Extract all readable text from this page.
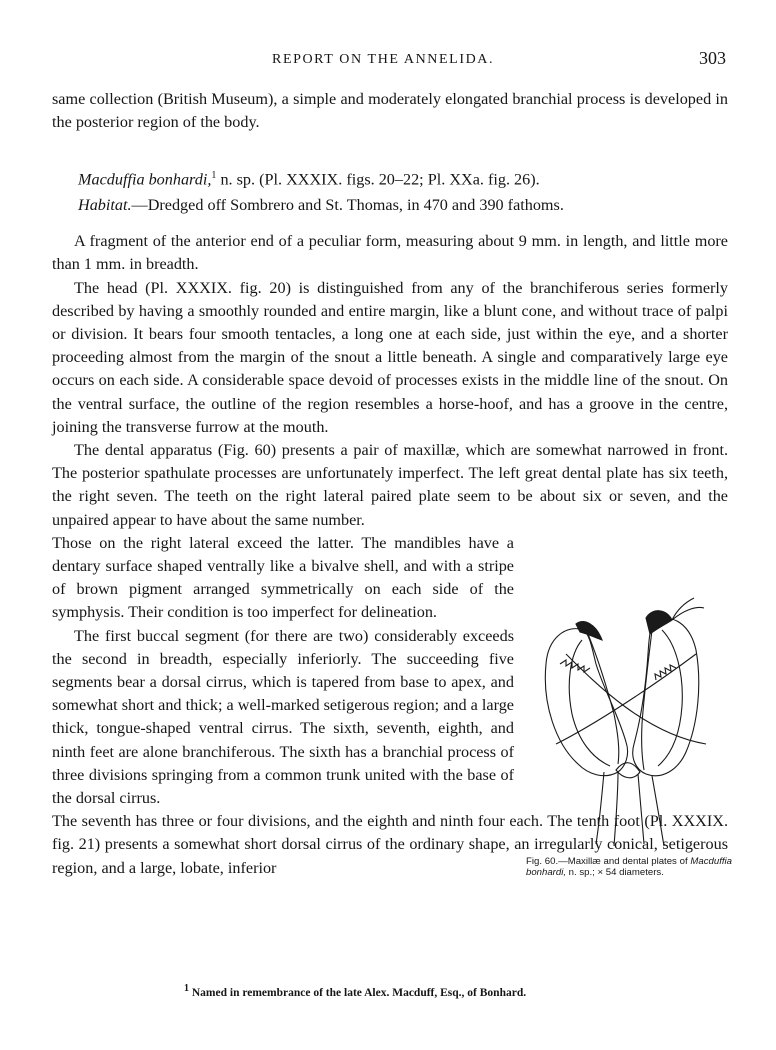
REPORT ON THE ANNELIDA.	303

same collection (British Museum), a simple and moderately elongated branchial process is developed in the posterior region of the body.

Macduffia bonhardi,$^1$ n. sp. (Pl. XXXIX. figs. 20–22; Pl. XXa. fig. 26).

Habitat.—Dredged off Sombrero and St. Thomas, in 470 and 390 fathoms.

A fragment of the anterior end of a peculiar form, measuring about 9 mm. in length, and little more than 1 mm. in breadth.

The head (Pl. XXXIX. fig. 20) is distinguished from any of the branchiferous series formerly described by having a smoothly rounded and entire margin, like a blunt cone, and without trace of palpi or division. It bears four smooth tentacles, a long one at each side, just within the eye, and a shorter proceeding almost from the margin of the snout a little beneath. A single and comparatively large eye occurs on each side. A considerable space devoid of processes exists in the middle line of the snout. On the ventral surface, the outline of the region resembles a horse-hoof, and has a groove in the centre, joining the transverse furrow at the mouth.

The dental apparatus (Fig. 60) presents a pair of maxillæ, which are somewhat narrowed in front. The posterior spathulate processes are unfortunately imperfect. The left great dental plate has six teeth, the right seven. The teeth on the right lateral paired plate seem to be about six or seven, and the unpaired appear to have about the same number.

Those on the right lateral exceed the latter. The mandibles have a dentary surface shaped ventrally like a bivalve shell, and with a stripe of brown pigment arranged symmetrically on each side of the symphysis. Their condition is too imperfect for delineation.

The first buccal segment (for there are two) considerably exceeds the second in breadth, especially inferiorly. The succeeding five segments bear a dorsal cirrus, which is tapered from base to apex, and somewhat short and thick; a well-marked setigerous region; and a large thick, tongue-shaped ventral cirrus. The sixth, seventh, eighth, and ninth feet are alone branchiferous. The sixth has a branchial process of three divisions springing from a common trunk united with the base of the dorsal cirrus.

The seventh has three or four divisions, and the eighth and ninth four each. The tenth foot (Pl. XXXIX. fig. 21) presents a somewhat short dorsal cirrus of the ordinary shape, an irregularly conical, setigerous region, and a large, lobate, inferior	Fig. 60.—Maxillæ and dental plates of Macduffia bonhardi, n. sp.; × 54 diameters.
$^1$ Named in remembrance of the late Alex. Macduff, Esq., of Bonhard.
